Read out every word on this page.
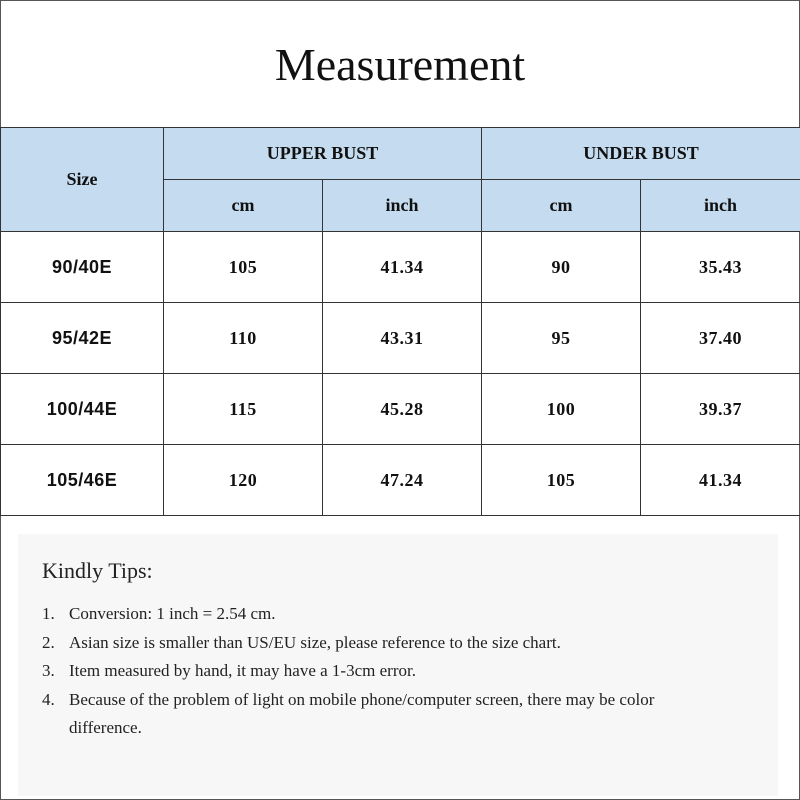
Measurement
Size	UPPER BUST		UNDER BUST	
	cm	inch	cm	inch
90/40E	105	41.34	90	35.43
95/42E	110	43.31	95	37.40
100/44E	115	45.28	100	39.37
105/46E	120	47.24	105	41.34
Kindly Tips:
1. Conversion: 1 inch = 2.54 cm.
2. Asian size is smaller than US/EU size, please reference to the size chart.
3. Item measured by hand, it may have a 1-3cm error.
4. Because of the problem of light on mobile phone/computer screen, there may be color difference.
